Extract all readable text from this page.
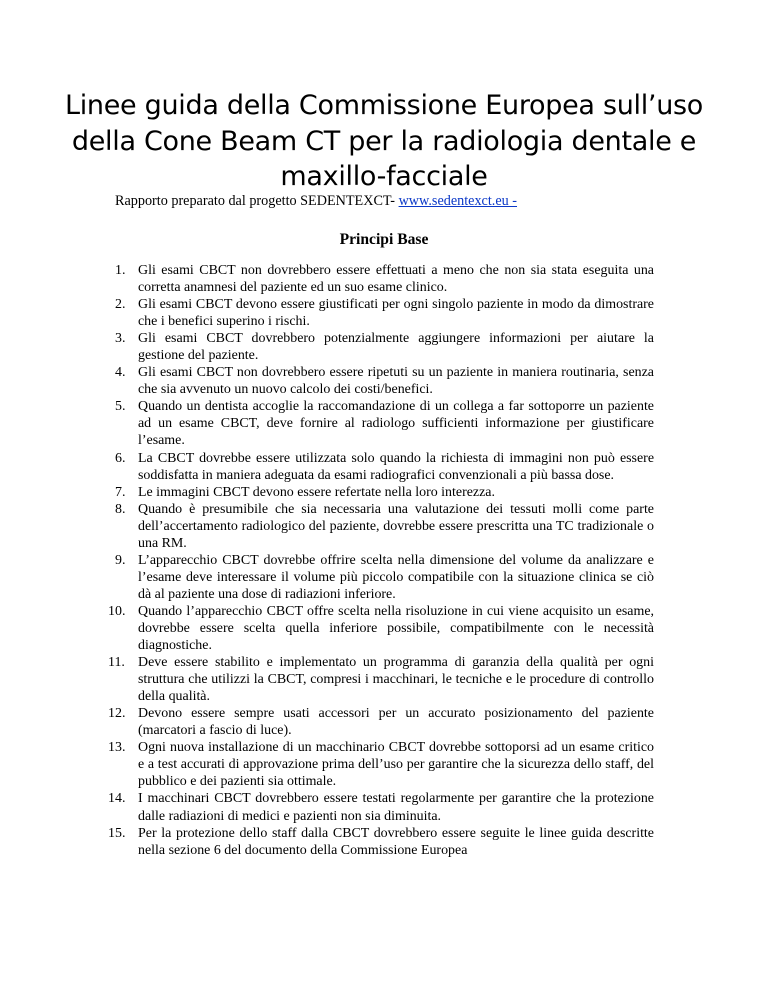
Linee guida della Commissione Europea sull’uso della Cone Beam CT per la radiologia dentale e maxillo-facciale
Rapporto preparato dal progetto SEDENTEXCT- www.sedentexct.eu -
Principi Base
1. Gli esami CBCT non dovrebbero essere effettuati a meno che non sia stata eseguita una corretta anamnesi del paziente ed un suo esame clinico.
2. Gli esami CBCT devono essere giustificati per ogni singolo paziente in modo da dimostrare che i benefici superino i rischi.
3. Gli esami CBCT dovrebbero potenzialmente aggiungere informazioni per aiutare la gestione del paziente.
4. Gli esami CBCT non dovrebbero essere ripetuti su un paziente in maniera routinaria, senza che sia avvenuto un nuovo calcolo dei costi/benefici.
5. Quando un dentista accoglie la raccomandazione di un collega a far sottoporre un paziente ad un esame CBCT, deve fornire al radiologo sufficienti informazione per giustificare l’esame.
6. La CBCT dovrebbe essere utilizzata solo quando la richiesta di immagini non può essere soddisfatta in maniera adeguata da esami radiografici convenzionali a più bassa dose.
7. Le immagini CBCT devono essere refertate nella loro interezza.
8. Quando è presumibile che sia necessaria una valutazione dei tessuti molli come parte dell’accertamento radiologico del paziente, dovrebbe essere prescritta una TC tradizionale o una RM.
9. L’apparecchio CBCT dovrebbe offrire scelta nella dimensione del volume da analizzare e l’esame deve interessare il volume più piccolo compatibile con la situazione clinica se ciò dà al paziente una dose di radiazioni inferiore.
10. Quando l’apparecchio CBCT offre scelta nella risoluzione in cui viene acquisito un esame, dovrebbe essere scelta quella inferiore possibile, compatibilmente con le necessità diagnostiche.
11. Deve essere stabilito e implementato un programma di garanzia della qualità per ogni struttura che utilizzi la CBCT, compresi i macchinari, le tecniche e le procedure di controllo della qualità.
12. Devono essere sempre usati accessori per un accurato posizionamento del paziente (marcatori a fascio di luce).
13. Ogni nuova installazione di un macchinario CBCT dovrebbe sottoporsi ad un esame critico e a test accurati di approvazione prima dell’uso per garantire che la sicurezza dello staff, del pubblico e dei pazienti sia ottimale.
14. I macchinari CBCT dovrebbero essere testati regolarmente per garantire che la protezione dalle radiazioni di medici e pazienti non sia diminuita.
15. Per la protezione dello staff dalla CBCT dovrebbero essere seguite le linee guida descritte nella sezione 6 del documento della Commissione Europea
